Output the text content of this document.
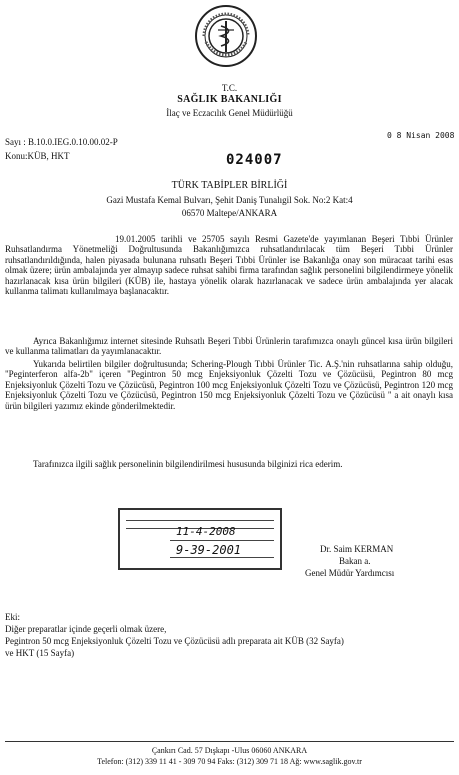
T.C.
SAĞLIK BAKANLIĞI
İlaç ve Eczacılık Genel Müdürlüğü
Sayı : B.10.0.IEG.0.10.00.02-P
Konu:KÜB, HKT
0 8 Nisan 2008
024007
TÜRK TABİPLER BİRLİĞİ
Gazi Mustafa Kemal Bulvarı, Şehit Daniş Tunalıgil Sok. No:2 Kat:4
06570 Maltepe/ANKARA
19.01.2005 tarihli ve 25705 sayılı Resmi Gazete'de yayımlanan Beşeri Tıbbi Ürünler Ruhsatlandırma Yönetmeliği Doğrultusunda Bakanlığımızca ruhsatlandırılacak tüm Beşeri Tıbbi Ürünler ruhsatlandırıldığında, halen piyasada bulunana ruhsatlı Beşeri Tıbbi Ürünler ise Bakanlığa onay son müracaat tarihi esas olmak üzere; ürün ambalajında yer almayıp sadece ruhsat sahibi firma tarafından sağlık personelini bilgilendirmeye yönelik hazırlanacak kısa ürün bilgileri (KÜB) ile, hastaya yönelik olarak hazırlanacak ve sadece ürün ambalajında yer alacak kullanma talimatı kullanılmaya başlanacaktır.
Ayrıca Bakanlığımız internet sitesinde Ruhsatlı Beşeri Tıbbi Ürünlerin tarafımızca onaylı güncel kısa ürün bilgileri ve kullanma talimatları da yayımlanacaktır.
Yukarıda belirtilen bilgiler doğrultusunda; Schering-Plough Tıbbi Ürünler Tic. A.Ş.'nin ruhsatlarına sahip olduğu, "Peginterferon alfa-2b" içeren "Pegintron 50 mcg Enjeksiyonluk Çözelti Tozu ve Çözücüsü, Pegintron 80 mcg Enjeksiyonluk Çözelti Tozu ve Çözücüsü, Pegintron 100 mcg Enjeksiyonluk Çözelti Tozu ve Çözücüsü, Pegintron 120 mcg Enjeksiyonluk Çözelti Tozu ve Çözücüsü, Pegintron 150 mcg Enjeksiyonluk Çözelti Tozu ve Çözücüsü " a ait onaylı kısa ürün bilgileri yazımız ekinde gönderilmektedir.
Tarafınızca ilgili sağlık personelinin bilgilendirilmesi hususunda bilginizi rica ederim.
11-4-2008
9-39-2001	Dr. Saim KERMAN
Bakan a.
Genel Müdür Yardımcısı
Eki:
Diğer preparatlar içinde geçerli olmak üzere,
Pegintron 50 mcg Enjeksiyonluk Çözelti Tozu ve Çözücüsü adlı preparata ait KÜB (32 Sayfa)
ve HKT (15 Sayfa)
Çankırı Cad. 57 Dışkapı -Ulus 06060 ANKARA
Telefon: (312) 339 11 41 - 309 70 94 Faks: (312) 309 71 18 Ağ: www.saglik.gov.tr
